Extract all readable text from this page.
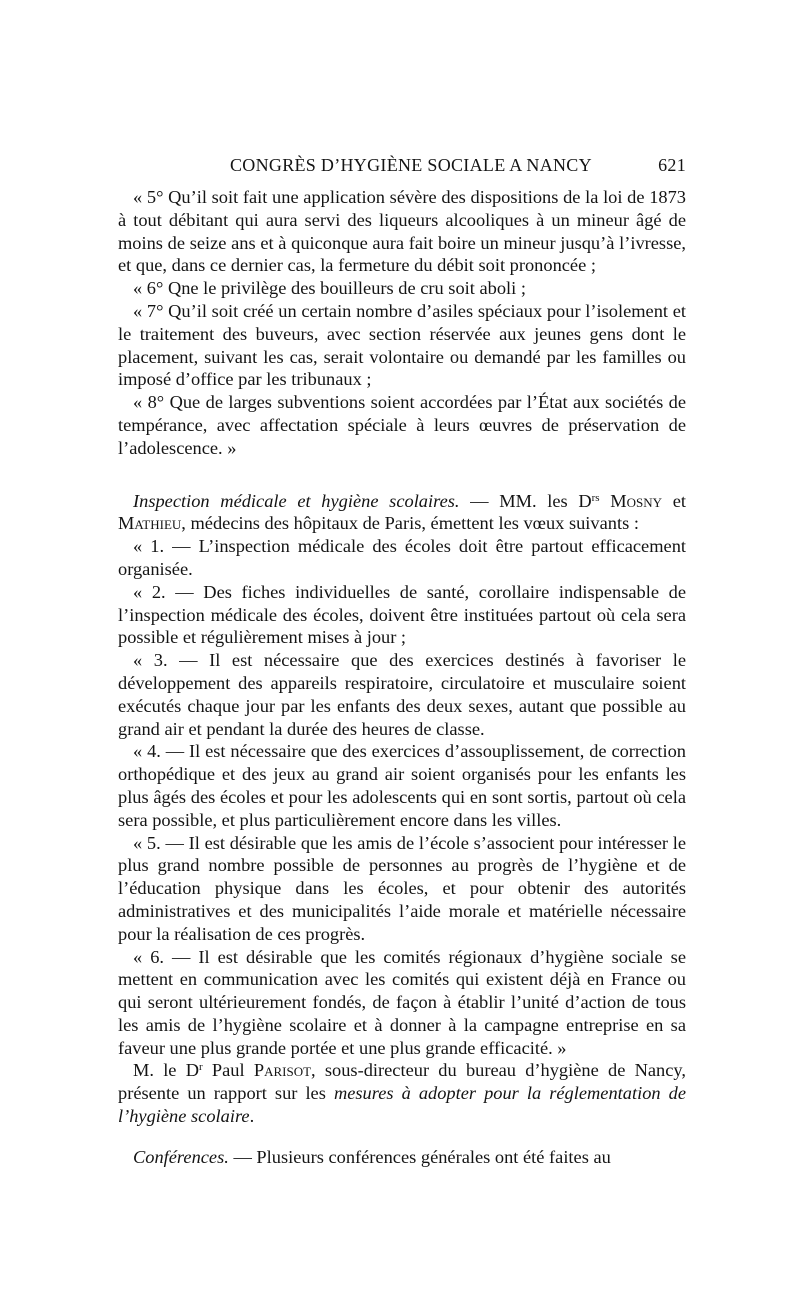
CONGRÈS D’HYGIÈNE SOCIALE A NANCY	621

« 5° Qu’il soit fait une application sévère des dispositions de la loi de 1873 à tout débitant qui aura servi des liqueurs alcooliques à un mineur âgé de moins de seize ans et à quiconque aura fait boire un mineur jusqu’à l’ivresse, et que, dans ce dernier cas, la fermeture du débit soit prononcée ;

« 6° Qne le privilège des bouilleurs de cru soit aboli ;

« 7° Qu’il soit créé un certain nombre d’asiles spéciaux pour l’isolement et le traitement des buveurs, avec section réservée aux jeunes gens dont le placement, suivant les cas, serait volontaire ou demandé par les familles ou imposé d’office par les tribunaux ;

« 8° Que de larges subventions soient accordées par l’État aux sociétés de tempérance, avec affectation spéciale à leurs œuvres de préservation de l’adolescence. »

Inspection médicale et hygiène scolaires. — MM. les $D^{rs}$ Mosny et Mathieu, médecins des hôpitaux de Paris, émettent les vœux suivants :

« 1. — L’inspection médicale des écoles doit être partout efficacement organisée.

« 2. — Des fiches individuelles de santé, corollaire indispensable de l’inspection médicale des écoles, doivent être instituées partout où cela sera possible et régulièrement mises à jour ;

« 3. — Il est nécessaire que des exercices destinés à favoriser le développement des appareils respiratoire, circulatoire et musculaire soient exécutés chaque jour par les enfants des deux sexes, autant que possible au grand air et pendant la durée des heures de classe.

« 4. — Il est nécessaire que des exercices d’assouplissement, de correction orthopédique et des jeux au grand air soient organisés pour les enfants les plus âgés des écoles et pour les adolescents qui en sont sortis, partout où cela sera possible, et plus particulièrement encore dans les villes.

« 5. — Il est désirable que les amis de l’école s’associent pour intéresser le plus grand nombre possible de personnes au progrès de l’hygiène et de l’éducation physique dans les écoles, et pour obtenir des autorités administratives et des municipalités l’aide morale et matérielle nécessaire pour la réalisation de ces progrès.

« 6. — Il est désirable que les comités régionaux d’hygiène sociale se mettent en communication avec les comités qui existent déjà en France ou qui seront ultérieurement fondés, de façon à établir l’unité d’action de tous les amis de l’hygiène scolaire et à donner à la campagne entreprise en sa faveur une plus grande portée et une plus grande efficacité. »

M. le $D^r$ Paul Parisot, sous-directeur du bureau d’hygiène de Nancy, présente un rapport sur les mesures à adopter pour la réglementation de l’hygiène scolaire.

Conférences. — Plusieurs conférences générales ont été faites au
